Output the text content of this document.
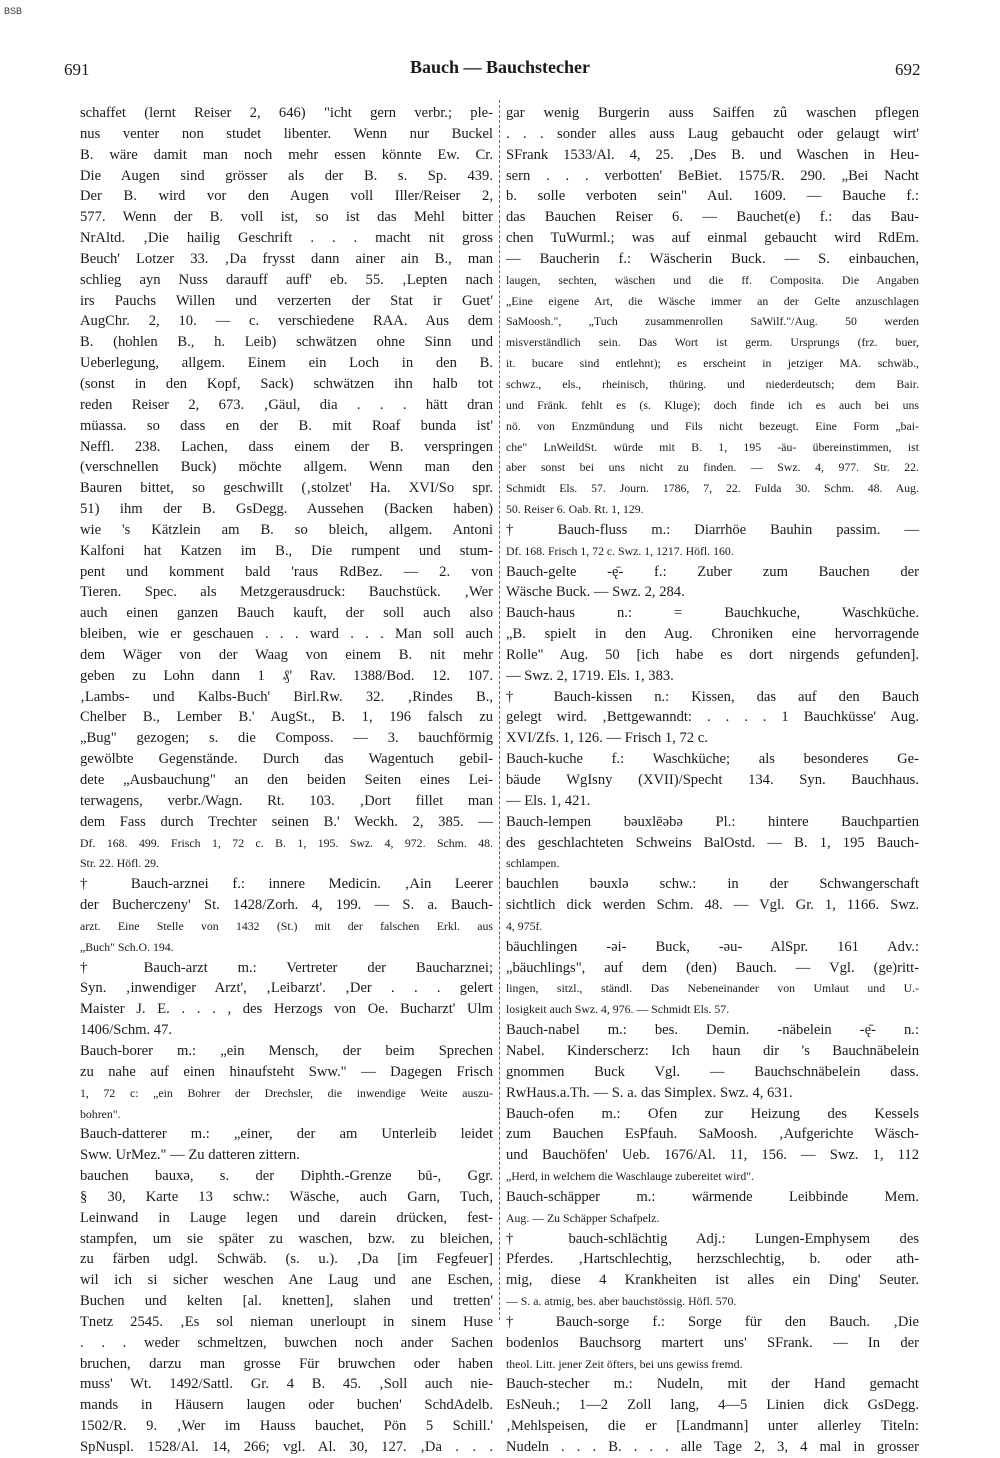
BSB
691	Bauch — Bauchstecher	692
schaffet (lernt Reiser 2, 646) "icht gern verbr.; ple-
nus venter non studet libenter. Wenn nur Buckel
B. wäre damit man noch mehr essen könnte Ew. Cr.
Die Augen sind grösser als der B. s. Sp. 439.
Der B. wird vor den Augen voll Iller/Reiser 2,
577. Wenn der B. voll ist, so ist das Mehl bitter
NrAltd. ‚Die hailig Geschrift . . . macht nit gross
Beuch' Lotzer 33. ‚Da frysst dann ainer ain B., man
schlieg ayn Nuss darauff auff' eb. 55. ‚Lepten nach
irs Pauchs Willen und verzerten der Stat ir Guet'
AugChr. 2, 10. — c. verschiedene RAA. Aus dem
B. (hohlen B., h. Leib) schwätzen ohne Sinn und
Ueberlegung, allgem. Einem ein Loch in den B.
(sonst in den Kopf, Sack) schwätzen ihn halb tot
reden Reiser 2, 673. ‚Gäul, dia . . . hätt dran
müassa. so dass en der B. mit Roaf bunda ist'
Neffl. 238. Lachen, dass einem der B. verspringen
(verschnellen Buck) möchte allgem. Wenn man den
Bauren bittet, so geschwillt (‚stolzet' Ha. XVI/So spr.
51) ihm der B. GsDegg. Aussehen (Backen haben)
wie 's Kätzlein am B. so bleich, allgem. Antoni
Kalfoni hat Katzen im B., Die rumpent und stum-
pent und komment bald 'raus RdBez. — 2. von
Tieren. Spec. als Metzgerausdruck: Bauchstück. ‚Wer
auch einen ganzen Bauch kauft, der soll auch also
bleiben, wie er geschauen . . . ward . . . Man soll auch
dem Wäger von der Waag von einem B. nit mehr
geben zu Lohn dann 1 ₰' Rav. 1388/Bod. 12. 107.
‚Lambs- und Kalbs-Buch' Birl.Rw. 32. ‚Rindes B.,
Chelber B., Lember B.' AugSt., B. 1, 196 falsch zu
„Bug" gezogen; s. die Composs. — 3. bauchförmig
gewölbte Gegenstände. Durch das Wagentuch gebil-
dete „Ausbauchung" an den beiden Seiten eines Lei-
terwagens, verbr./Wagn. Rt. 103. ‚Dort fillet man
dem Fass durch Trechter seinen B.' Weckh. 2, 385. —
Df. 168. 499. Frisch 1, 72 c. B. 1, 195. Swz. 4, 972. Schm. 48.
Str. 22. Höfl. 29.
† Bauch-arznei f.: innere Medicin. ‚Ain Leerer
der Bucherczeny' St. 1428/Zorh. 4, 199. — S. a. Bauch-
arzt. Eine Stelle von 1432 (St.) mit der falschen Erkl. aus
„Buch" Sch.O. 194.
† Bauch-arzt m.: Vertreter der Baucharznei;
Syn. ‚inwendiger Arzt', ‚Leibarzt'. ‚Der . . . gelert
Maister J. E. . . . , des Herzogs von Oe. Bucharzt' Ulm
1406/Schm. 47.
Bauch-borer m.: „ein Mensch, der beim Sprechen
zu nahe auf einen hinaufsteht Sww." — Dagegen Frisch
1, 72 c: „ein Bohrer der Drechsler, die inwendige Weite auszu-
bohren".
Bauch-datterer m.: „einer, der am Unterleib leidet
Sww. UrMez." — Zu datteren zittern.
bauchen bauxə, s. der Diphth.-Grenze bū-, Ggr.
§ 30, Karte 13 schw.: Wäsche, auch Garn, Tuch,
Leinwand in Lauge legen und darein drücken, fest-
stampfen, um sie später zu waschen, bzw. zu bleichen,
zu färben udgl. Schwäb. (s. u.). ‚Da [im Fegfeuer]
wil ich si sicher weschen Ane Laug und ane Eschen,
Buchen und kelten [al. knetten], slahen und tretten'
Tnetz 2545. ‚Es sol nieman unerloupt in sinem Huse
. . . weder schmeltzen, buwchen noch ander Sachen
bruchen, darzu man grosse Für bruwchen oder haben
muss' Wt. 1492/Sattl. Gr. 4 B. 45. ‚Soll auch nie-
mands in Häusern laugen oder buchen' SchdAdelb.
1502/R. 9. ‚Wer im Hauss bauchet, Pön 5 Schill.'
SpNuspl. 1528/Al. 14, 266; vgl. Al. 30, 127. ‚Da . . .
gar wenig Burgerin auss Saiffen zû waschen pflegen
. . . sonder alles auss Laug gebaucht oder gelaugt wirt'
SFrank 1533/Al. 4, 25. ‚Des B. und Waschen in Heu-
sern . . . verbotten' BeBiet. 1575/R. 290. „Bei Nacht
b. solle verboten sein" Aul. 1609. — Bauche f.:
das Bauchen Reiser 6. — Bauchet(e) f.: das Bau-
chen TuWurml.; was auf einmal gebaucht wird RdEm.
— Baucherin f.: Wäscherin Buck. — S. einbauchen,
laugen, sechten, wäschen und die ff. Composita. Die Angaben
„Eine eigene Art, die Wäsche immer an der Gelte anzuschlagen
SaMoosh.", „Tuch zusammenrollen SaWilf."/Aug. 50 werden
misverständlich sein. Das Wort ist germ. Ursprungs (frz. buer,
it. bucare sind entlehnt); es erscheint in jetziger MA. schwäb.,
schwz., els., rheinisch, thüring. und niederdeutsch; dem Bair.
und Fränk. fehlt es (s. Kluge); doch finde ich es auch bei uns
nö. von Enzmündung und Fils nicht bezeugt. Eine Form „bai-
che" LnWeildSt. würde mit B. 1, 195 -äu- übereinstimmen, ist
aber sonst bei uns nicht zu finden. — Swz. 4, 977. Str. 22.
Schmidt Els. 57. Journ. 1786, 7, 22. Fulda 30. Schm. 48. Aug.
50. Reiser 6. Oab. Rt. 1, 129.
† Bauch-fluss m.: Diarrhöe Bauhin passim. —
Df. 168. Frisch 1, 72 c. Swz. 1, 1217. Höfl. 160.
Bauch-gelte -ę̄- f.: Zuber zum Bauchen der
Wäsche Buck. — Swz. 2, 284.
Bauch-haus n.: = Bauchkuche, Waschküche.
„B. spielt in den Aug. Chroniken eine hervorragende
Rolle" Aug. 50 [ich habe es dort nirgends gefunden].
— Swz. 2, 1719. Els. 1, 383.
† Bauch-kissen n.: Kissen, das auf den Bauch
gelegt wird. ‚Bettgewanndt: . . . . 1 Bauchküsse' Aug.
XVI/Zfs. 1, 126. — Frisch 1, 72 c.
Bauch-kuche f.: Waschküche; als besonderes Ge-
bäude WgIsny (XVII)/Specht 134. Syn. Bauchhaus.
— Els. 1, 421.
Bauch-lempen bəuxlēəbə Pl.: hintere Bauchpartien
des geschlachteten Schweins BalOstd. — B. 1, 195 Bauch-
schlampen.
bauchlen bəuxlə schw.: in der Schwangerschaft
sichtlich dick werden Schm. 48. — Vgl. Gr. 1, 1166. Swz.
4, 975f.
bäuchlingen -əi- Buck, -əu- AlSpr. 161 Adv.:
„bäuchlings", auf dem (den) Bauch. — Vgl. (ge)ritt-
lingen, sitzl., ständl. Das Nebeneinander von Umlaut und U.-
losigkeit auch Swz. 4, 976. — Schmidt Els. 57.
Bauch-nabel m.: bes. Demin. -näbelein -ę̄- n.:
Nabel. Kinderscherz: Ich haun dir 's Bauchnäbelein
gnommen Buck Vgl. — Bauchschnäbelein dass.
RwHaus.a.Th. — S. a. das Simplex. Swz. 4, 631.
Bauch-ofen m.: Ofen zur Heizung des Kessels
zum Bauchen EsPfauh. SaMoosh. ‚Aufgerichte Wäsch-
und Bauchöfen' Ueb. 1676/Al. 11, 156. — Swz. 1, 112
„Herd, in welchem die Waschlauge zubereitet wird".
Bauch-schäpper m.: wärmende Leibbinde Mem.
Aug. — Zu Schäpper Schafpelz.
† bauch-schlächtig Adj.: Lungen-Emphysem des
Pferdes. ‚Hartschlechtig, herzschlechtig, b. oder ath-
mig, diese 4 Krankheiten ist alles ein Ding' Seuter.
— S. a. atmig, bes. aber bauchstössig. Höfl. 570.
† Bauch-sorge f.: Sorge für den Bauch. ‚Die
bodenlos Bauchsorg martert uns' SFrank. — In der
theol. Litt. jener Zeit öfters, bei uns gewiss fremd.
Bauch-stecher m.: Nudeln, mit der Hand gemacht
EsNeuh.; 1—2 Zoll lang, 4—5 Linien dick GsDegg.
‚Mehlspeisen, die er [Landmann] unter allerley Titeln:
Nudeln . . . B. . . . alle Tage 2, 3, 4 mal in grosser
